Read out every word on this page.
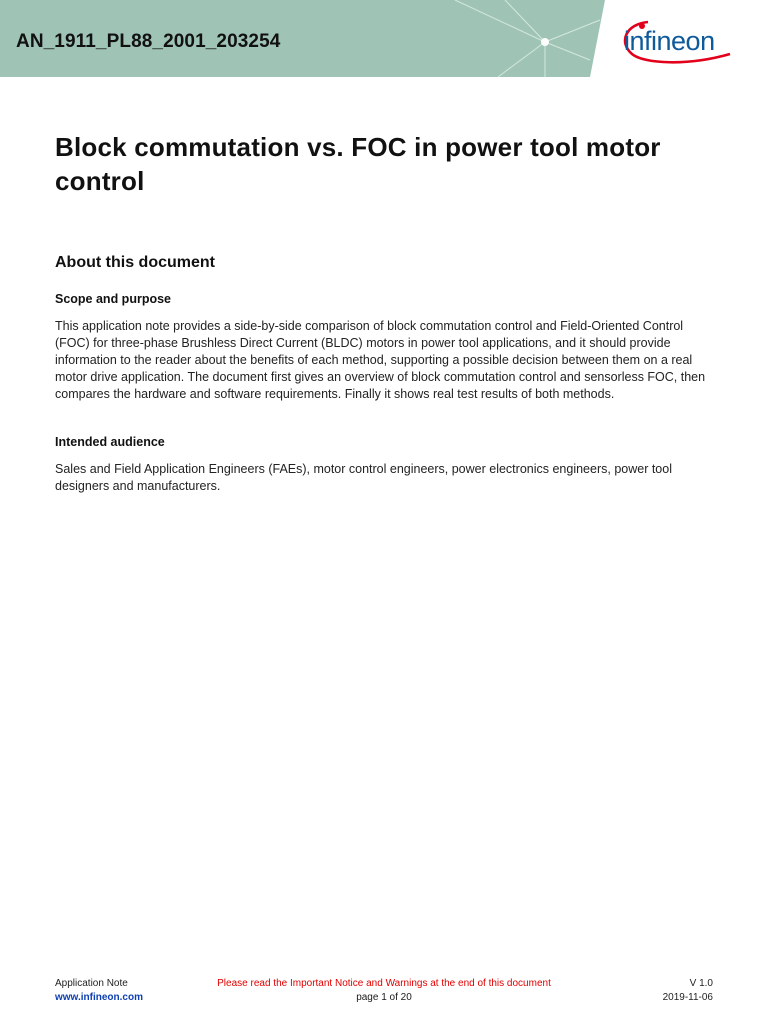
AN_1911_PL88_2001_203254	infineon
Block commutation vs. FOC in power tool motor control
About this document
Scope and purpose

This application note provides a side-by-side comparison of block commutation control and Field-Oriented Control (FOC) for three-phase Brushless Direct Current (BLDC) motors in power tool applications, and it should provide information to the reader about the benefits of each method, supporting a possible decision between them on a real motor drive application. The document first gives an overview of block commutation control and sensorless FOC, then compares the hardware and software requirements. Finally it shows real test results of both methods.

Intended audience

Sales and Field Application Engineers (FAEs), motor control engineers, power electronics engineers, power tool designers and manufacturers.

Application Note
www.infineon.com
Please read the Important Notice and Warnings at the end of this document
page 1 of 20
V 1.0
2019-11-06
